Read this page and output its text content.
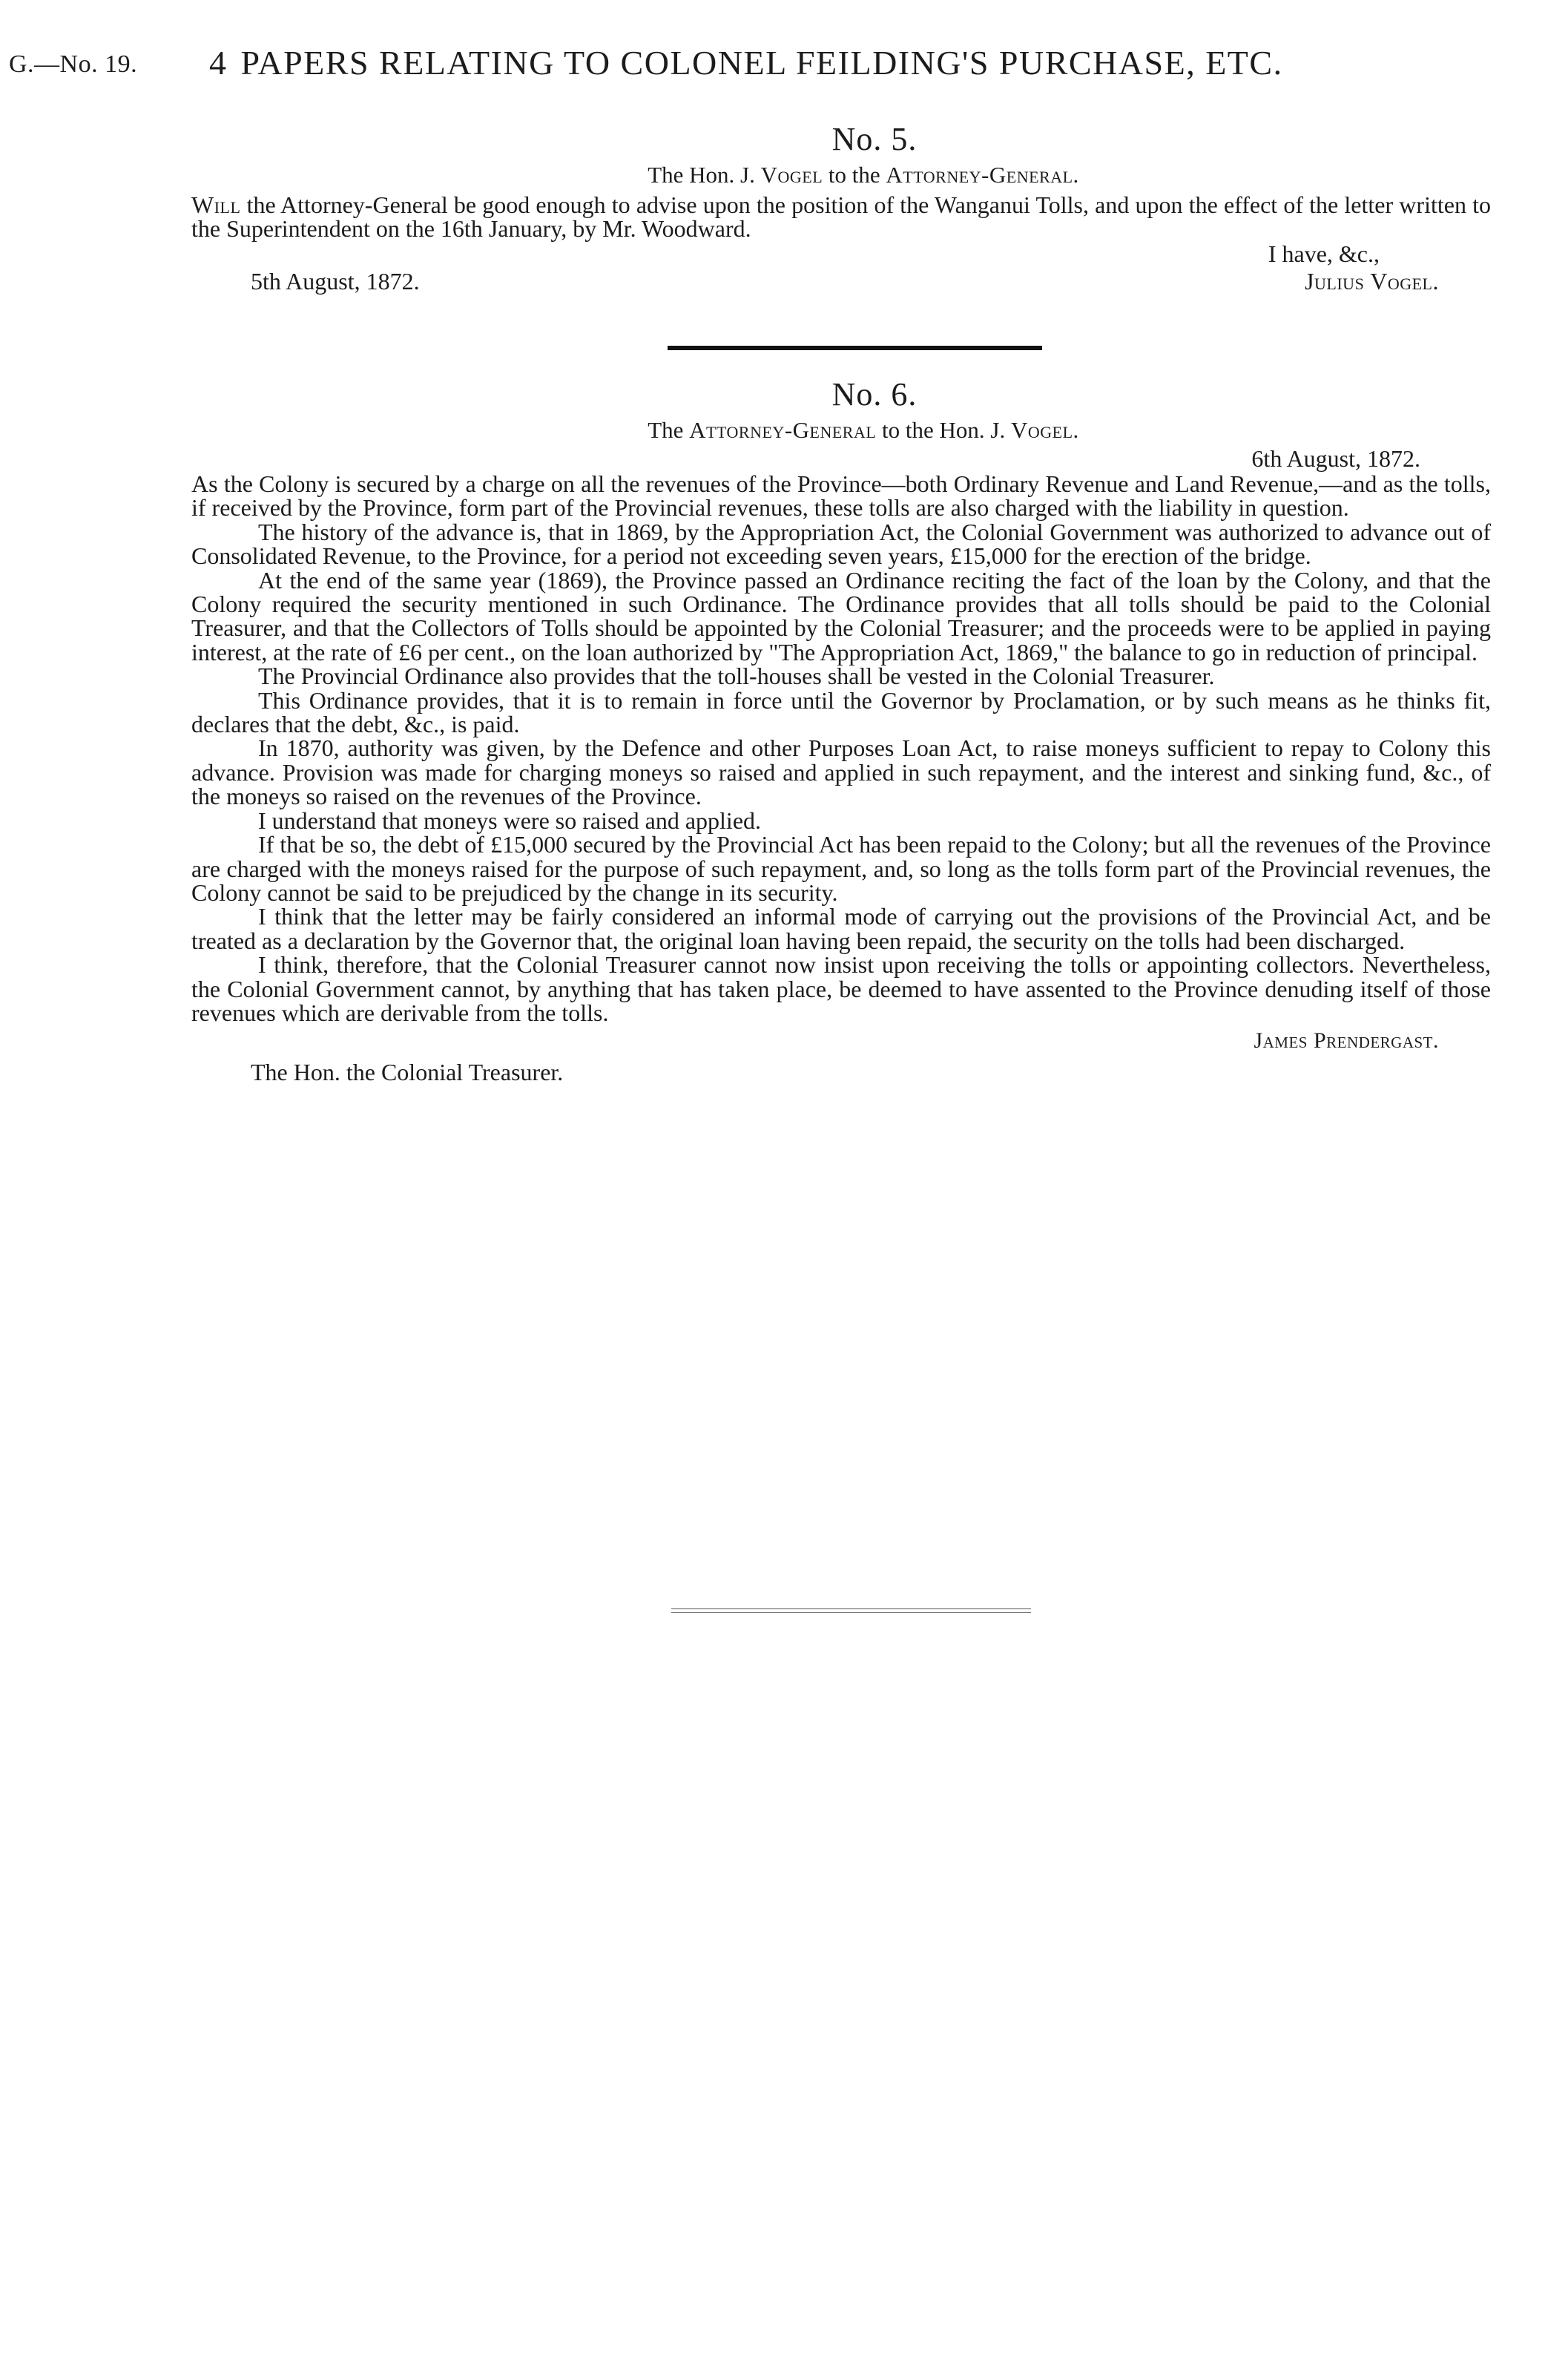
G.—No. 19. 4 PAPERS RELATING TO COLONEL FEILDING'S PURCHASE, ETC.

No. 5.

The Hon. J. Vogel to the Attorney-General.

Will the Attorney-General be good enough to advise upon the position of the Wanganui Tolls, and upon the effect of the letter written to the Superintendent on the 16th January, by Mr. Woodward.

I have, &c.,

5th August, 1872.	Julius Vogel.

No. 6.

The Attorney-General to the Hon. J. Vogel.

6th August, 1872.

As the Colony is secured by a charge on all the revenues of the Province—both Ordinary Revenue and Land Revenue,—and as the tolls, if received by the Province, form part of the Provincial revenues, these tolls are also charged with the liability in question.

The history of the advance is, that in 1869, by the Appropriation Act, the Colonial Government was authorized to advance out of Consolidated Revenue, to the Province, for a period not exceeding seven years, £15,000 for the erection of the bridge.

At the end of the same year (1869), the Province passed an Ordinance reciting the fact of the loan by the Colony, and that the Colony required the security mentioned in such Ordinance. The Ordinance provides that all tolls should be paid to the Colonial Treasurer, and that the Collectors of Tolls should be appointed by the Colonial Treasurer; and the proceeds were to be applied in paying interest, at the rate of £6 per cent., on the loan authorized by "The Appropriation Act, 1869," the balance to go in reduction of principal.

The Provincial Ordinance also provides that the toll-houses shall be vested in the Colonial Treasurer.

This Ordinance provides, that it is to remain in force until the Governor by Proclamation, or by such means as he thinks fit, declares that the debt, &c., is paid.

In 1870, authority was given, by the Defence and other Purposes Loan Act, to raise moneys sufficient to repay to Colony this advance. Provision was made for charging moneys so raised and applied in such repayment, and the interest and sinking fund, &c., of the moneys so raised on the revenues of the Province.

I understand that moneys were so raised and applied.

If that be so, the debt of £15,000 secured by the Provincial Act has been repaid to the Colony; but all the revenues of the Province are charged with the moneys raised for the purpose of such repayment, and, so long as the tolls form part of the Provincial revenues, the Colony cannot be said to be prejudiced by the change in its security.

I think that the letter may be fairly considered an informal mode of carrying out the provisions of the Provincial Act, and be treated as a declaration by the Governor that, the original loan having been repaid, the security on the tolls had been discharged.

I think, therefore, that the Colonial Treasurer cannot now insist upon receiving the tolls or appointing collectors. Nevertheless, the Colonial Government cannot, by anything that has taken place, be deemed to have assented to the Province denuding itself of those revenues which are derivable from the tolls.

James Prendergast.

The Hon. the Colonial Treasurer.
